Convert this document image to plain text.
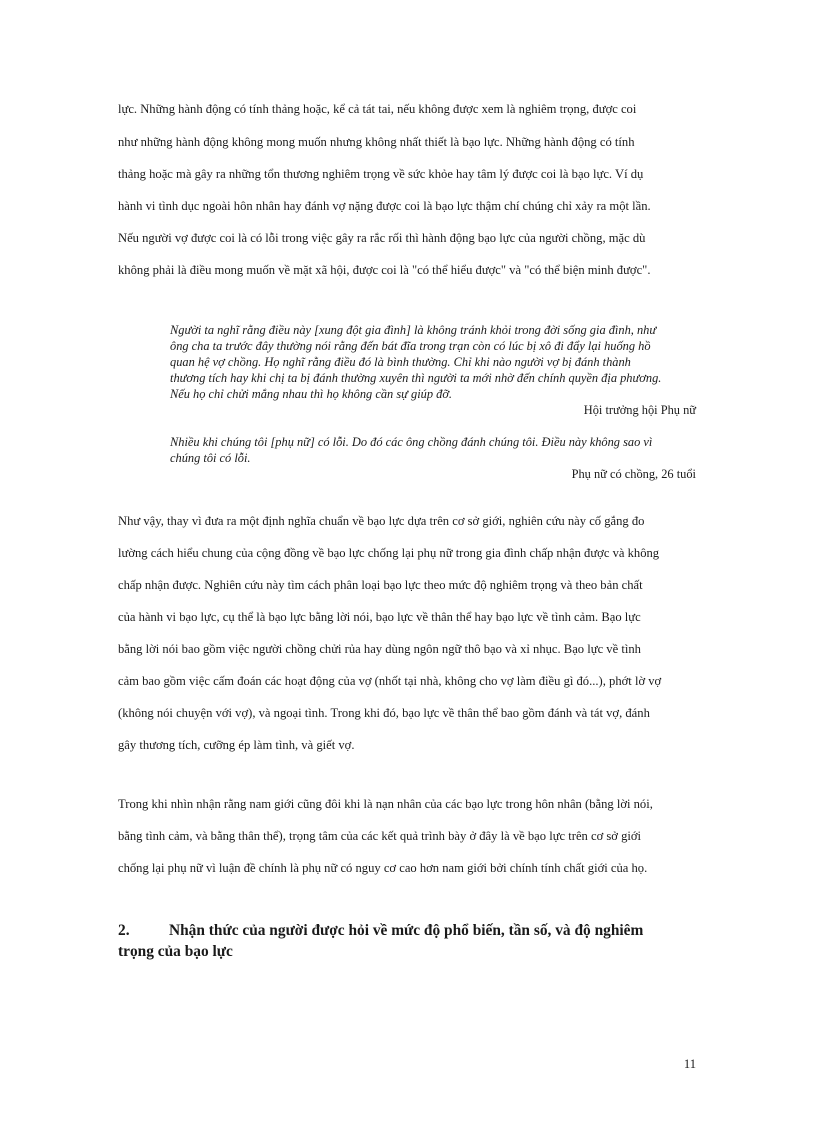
lực. Những hành động có tính thảng hoặc, kể cả tát tai, nếu không được xem là nghiêm trọng, được coi
như những hành động không mong muốn nhưng không nhất thiết là bạo lực. Những hành động có tính
thảng hoặc mà gây ra những tổn thương nghiêm trọng về sức khỏe hay tâm lý được coi là bạo lực. Ví dụ
hành vi tình dục ngoài hôn nhân hay đánh vợ nặng được coi là bạo lực thậm chí chúng chỉ xảy ra một lần.
Nếu người vợ được coi là có lỗi trong việc gây ra rắc rối thì hành động bạo lực của người chồng, mặc dù
không phải là điều mong muốn về mặt xã hội, được coi là "có thể hiểu được" và "có thể biện minh được".
Người ta nghĩ rằng điều này [xung đột gia đình] là không tránh khỏi trong đời sống gia đình, như
ông cha ta trước đây thường nói rằng đến bát đĩa trong trạn còn có lúc bị xô đi đẩy lại huống hồ
quan hệ vợ chồng. Họ nghĩ rằng điều đó là bình thường. Chỉ khi nào người vợ bị đánh thành
thương tích hay khi chị ta bị đánh thường xuyên thì người ta mới nhờ đến chính quyền địa phương.
Nếu họ chỉ chửi mắng nhau thì họ không cần sự giúp đỡ.
Hội trưởng hội Phụ nữ
Nhiều khi chúng tôi [phụ nữ] có lỗi. Do đó các ông chồng đánh chúng tôi. Điều này không sao vì
chúng tôi có lỗi.
Phụ nữ có chồng, 26 tuổi
Như vậy, thay vì đưa ra một định nghĩa chuẩn về bạo lực dựa trên cơ sở giới, nghiên cứu này cố gắng đo
lường cách hiểu chung của cộng đồng về bạo lực chống lại phụ nữ trong gia đình chấp nhận được và không
chấp nhận được. Nghiên cứu này tìm cách phân loại bạo lực theo mức độ nghiêm trọng và theo bản chất
của hành vi bạo lực, cụ thể là bạo lực bằng lời nói, bạo lực về thân thể hay bạo lực về tình cảm. Bạo lực
bằng lời nói bao gồm việc người chồng chửi rủa hay dùng ngôn ngữ thô bạo và xỉ nhục. Bạo lực về tình
cảm bao gồm việc cấm đoán các hoạt động của vợ (nhốt tại nhà, không cho vợ làm điều gì đó...), phớt lờ vợ
(không nói chuyện với vợ), và ngoại tình. Trong khi đó, bạo lực về thân thể bao gồm đánh và tát vợ, đánh
gây thương tích, cưỡng ép làm tình, và giết vợ.
Trong khi nhìn nhận rằng nam giới cũng đôi khi là nạn nhân của các bạo lực trong hôn nhân (bằng lời nói,
bằng tình cảm, và bằng thân thể), trọng tâm của các kết quả trình bày ở đây là về bạo lực trên cơ sở giới
chống lại phụ nữ vì luận đề chính là phụ nữ có nguy cơ cao hơn nam giới bởi chính tính chất giới của họ.
2.	Nhận thức của người được hỏi về mức độ phổ biến, tần số, và độ nghiêm
trọng của bạo lực
11
